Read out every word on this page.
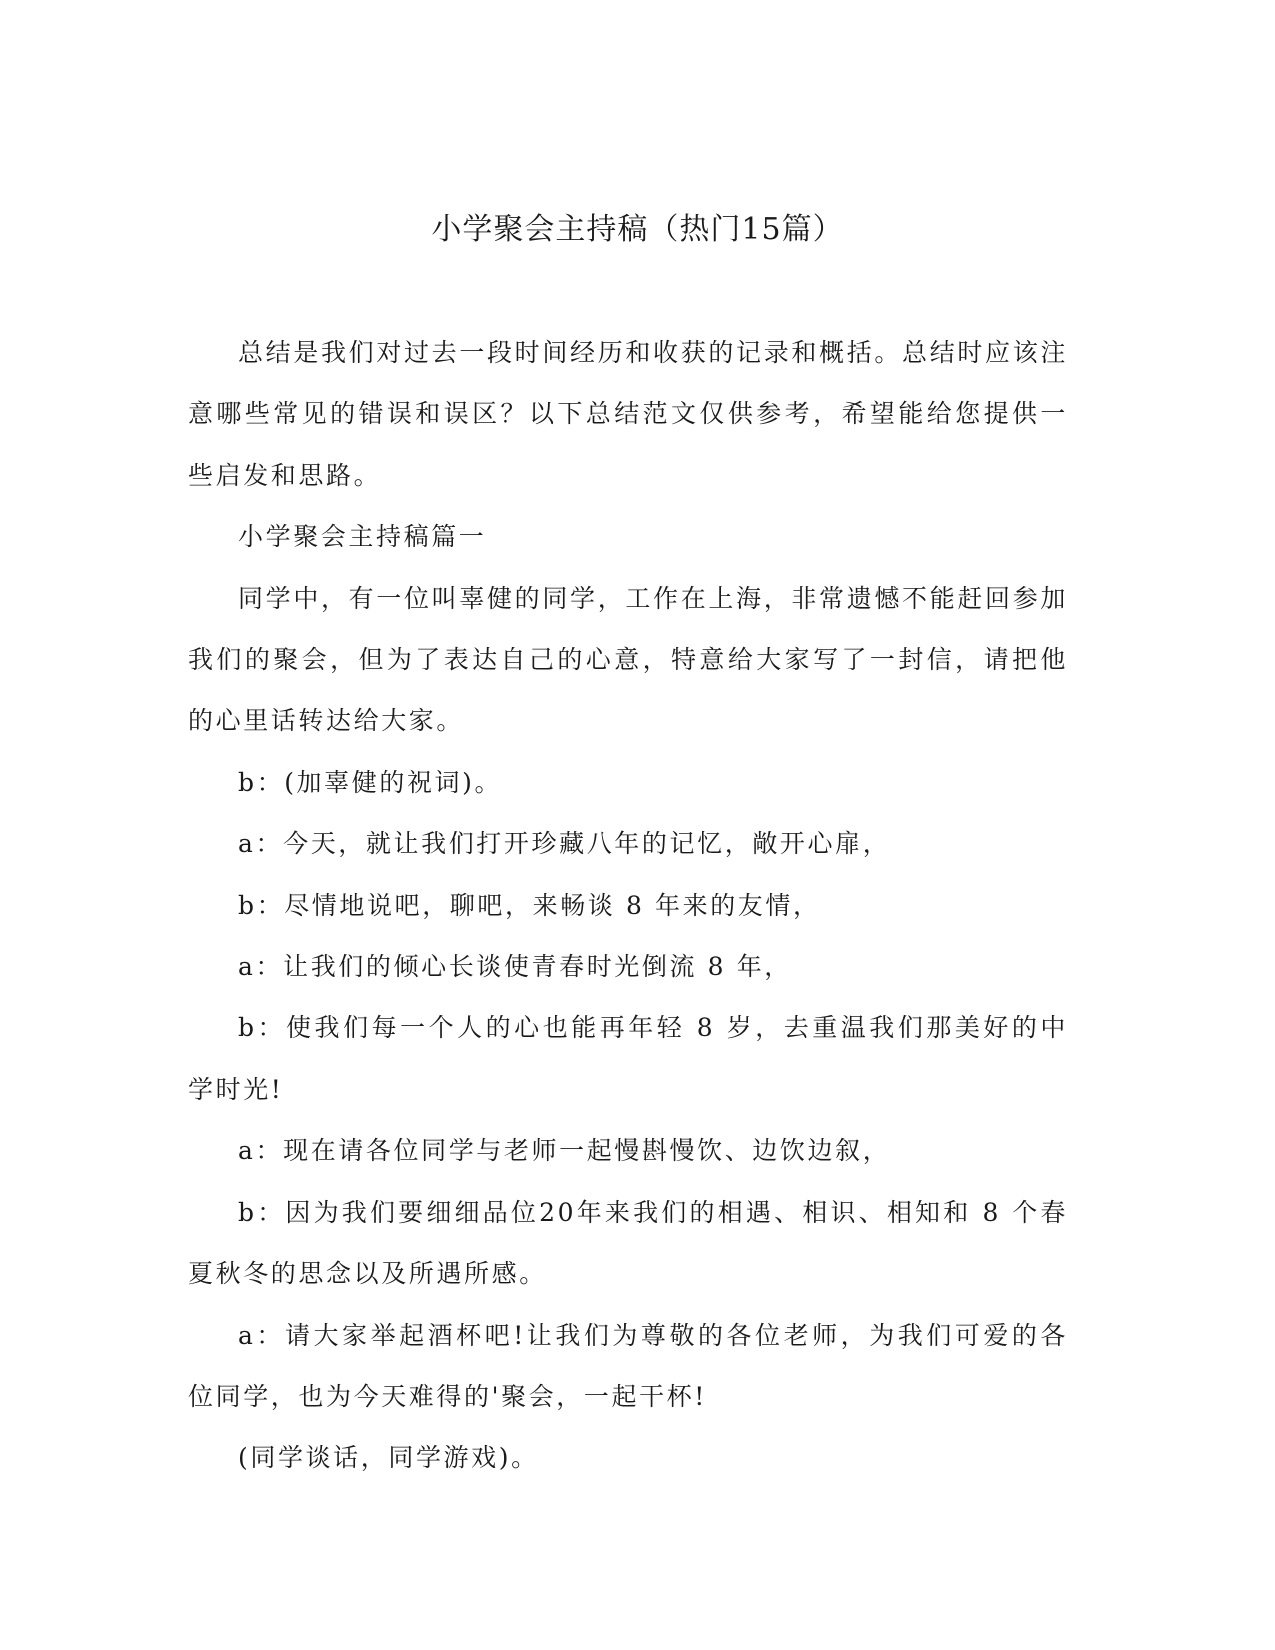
小学聚会主持稿（热门15篇）

总结是我们对过去一段时间经历和收获的记录和概括。总结时应该注意哪些常见的错误和误区？以下总结范文仅供参考，希望能给您提供一些启发和思路。

小学聚会主持稿篇一

同学中，有一位叫辜健的同学，工作在上海，非常遗憾不能赶回参加我们的聚会，但为了表达自己的心意，特意给大家写了一封信，请把他的心里话转达给大家。

b：(加辜健的祝词)。

a：今天，就让我们打开珍藏八年的记忆，敞开心扉，

b：尽情地说吧，聊吧，来畅谈 8 年来的友情，

a：让我们的倾心长谈使青春时光倒流 8 年，

b：使我们每一个人的心也能再年轻 8 岁，去重温我们那美好的中学时光!

a：现在请各位同学与老师一起慢斟慢饮、边饮边叙，

b：因为我们要细细品位20年来我们的相遇、相识、相知和 8 个春夏秋冬的思念以及所遇所感。

a：请大家举起酒杯吧!让我们为尊敬的各位老师，为我们可爱的各位同学，也为今天难得的'聚会，一起干杯!

(同学谈话，同学游戏)。
